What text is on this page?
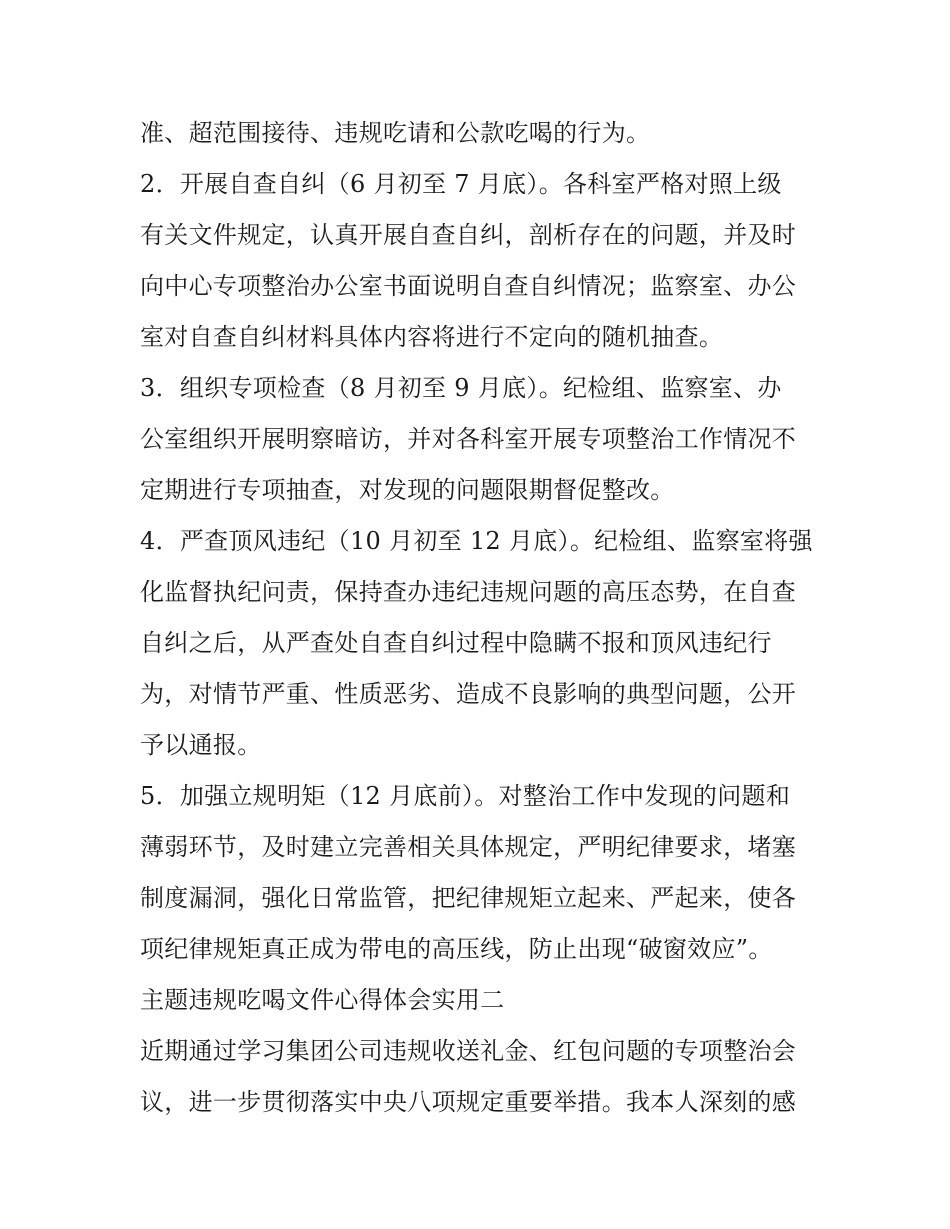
准、超范围接待、违规吃请和公款吃喝的行为。
2．开展自查自纠（6 月初至 7 月底）。各科室严格对照上级
有关文件规定，认真开展自查自纠，剖析存在的问题，并及时
向中心专项整治办公室书面说明自查自纠情况；监察室、办公
室对自查自纠材料具体内容将进行不定向的随机抽查。
3．组织专项检查（8 月初至 9 月底）。纪检组、监察室、办
公室组织开展明察暗访，并对各科室开展专项整治工作情况不
定期进行专项抽查，对发现的问题限期督促整改。
4．严查顶风违纪（10 月初至 12 月底）。纪检组、监察室将强
化监督执纪问责，保持查办违纪违规问题的高压态势，在自查
自纠之后，从严查处自查自纠过程中隐瞒不报和顶风违纪行
为，对情节严重、性质恶劣、造成不良影响的典型问题，公开
予以通报。
5．加强立规明矩（12 月底前）。对整治工作中发现的问题和
薄弱环节，及时建立完善相关具体规定，严明纪律要求，堵塞
制度漏洞，强化日常监管，把纪律规矩立起来、严起来，使各
项纪律规矩真正成为带电的高压线，防止出现“破窗效应”。
主题违规吃喝文件心得体会实用二
近期通过学习集团公司违规收送礼金、红包问题的专项整治会
议，进一步贯彻落实中央八项规定重要举措。我本人深刻的感
